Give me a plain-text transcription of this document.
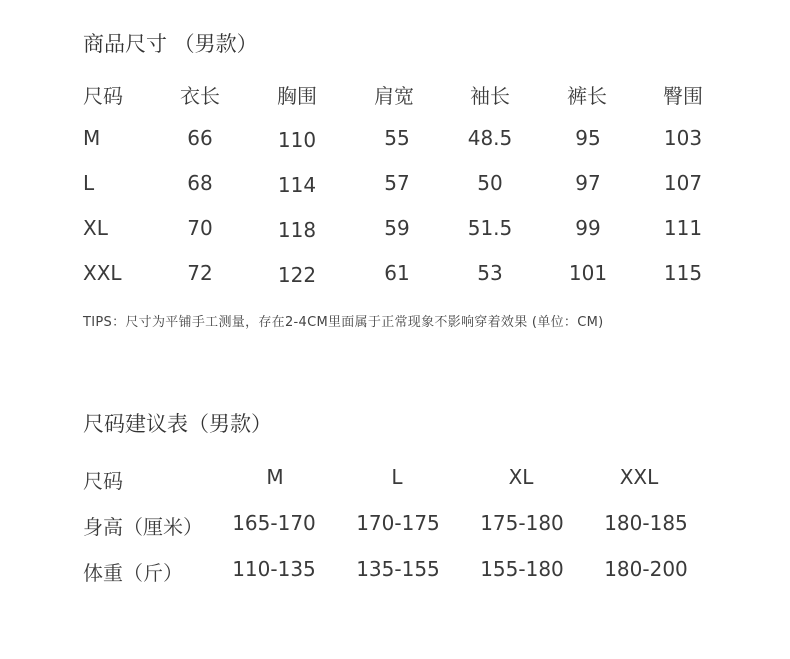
商品尺寸 （男款）
尺码	衣长	胸围	肩宽	袖长	裤长	臀围
M	66	110	55	48.5	95	103
L	68	114	57	50	97	107
XL	70	118	59	51.5	99	111
XXL	72	122	61	53	101	115
TIPS：尺寸为平铺手工测量，存在2-4CM里面属于正常现象不影响穿着效果 (单位：CM)
尺码建议表（男款）
尺码	M	L	XL	XXL
身高（厘米） 165-170 170-175 175-180 180-185
体重（斤） 110-135 135-155 155-180 180-200
